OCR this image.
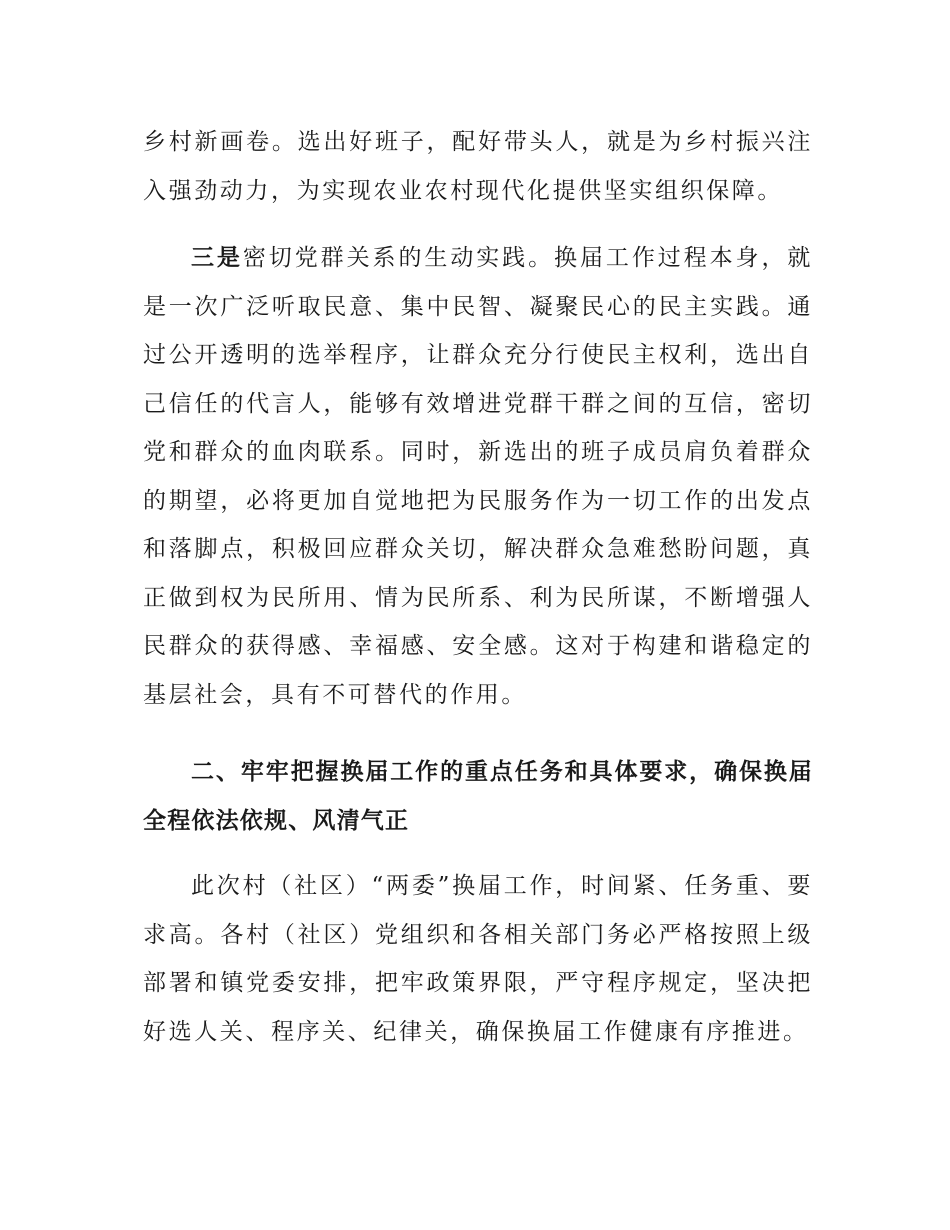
乡村新画卷。选出好班子，配好带头人，就是为乡村振兴注入强劲动力，为实现农业农村现代化提供坚实组织保障。

三是密切党群关系的生动实践。换届工作过程本身，就是一次广泛听取民意、集中民智、凝聚民心的民主实践。通过公开透明的选举程序，让群众充分行使民主权利，选出自己信任的代言人，能够有效增进党群干群之间的互信，密切党和群众的血肉联系。同时，新选出的班子成员肩负着群众的期望，必将更加自觉地把为民服务作为一切工作的出发点和落脚点，积极回应群众关切，解决群众急难愁盼问题，真正做到权为民所用、情为民所系、利为民所谋，不断增强人民群众的获得感、幸福感、安全感。这对于构建和谐稳定的基层社会，具有不可替代的作用。

二、牢牢把握换届工作的重点任务和具体要求，确保换届全程依法依规、风清气正

此次村（社区）“两委”换届工作，时间紧、任务重、要求高。各村（社区）党组织和各相关部门务必严格按照上级部署和镇党委安排，把牢政策界限，严守程序规定，坚决把好选人关、程序关、纪律关，确保换届工作健康有序推进。
